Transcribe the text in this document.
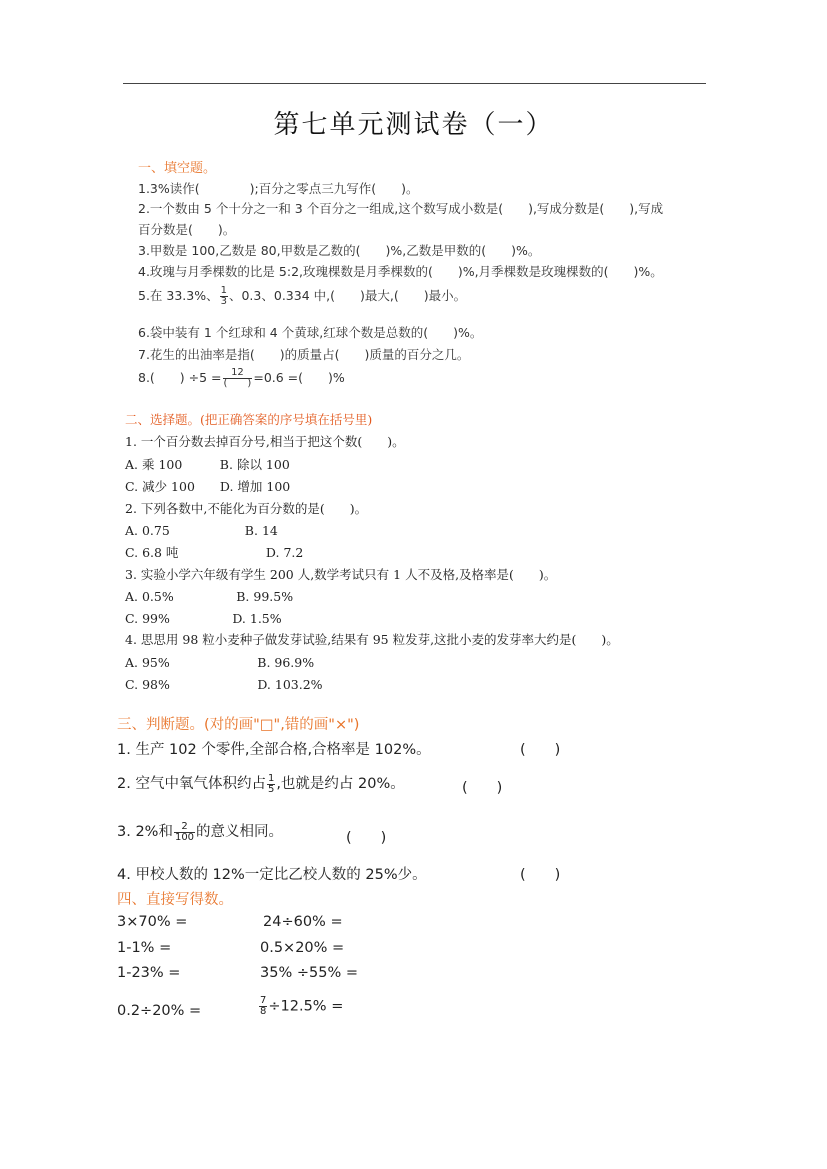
第七单元测试卷（一）
一、填空题。
1.3%读作(　　　　);百分之零点三九写作(　　)。
2.一个数由 5 个十分之一和 3 个百分之一组成,这个数写成小数是(　　),写成分数是(　　),写成
百分数是(　　)。
3.甲数是 100,乙数是 80,甲数是乙数的(　　)%,乙数是甲数的(　　)%。
4.玫瑰与月季棵数的比是 5:2,玫瑰棵数是月季棵数的(　　)%,月季棵数是玫瑰棵数的(　　)%。
5.在 33.3%、 $\frac{1}{3}$ 、0.3、0.334 中,(　　)最大,(　　)最小。
6.袋中装有 1 个红球和 4 个黄球,红球个数是总数的(　　)%。
7.花生的出油率是指(　　)的质量占(　　)质量的百分之几。
8.(　　) $\div 5 = \frac{12}{( )} =0.6$ =(　　)%
二、选择题。(把正确答案的序号填在括号里)
1. 一个百分数去掉百分号,相当于把这个数(　　)。
A. 乘 100　　　B. 除以 100
C. 减少 100　　D. 增加 100
2. 下列各数中,不能化为百分数的是(　　)。
A. 0.75　　　　　　B. 14
C. 6.8 吨　　　　　　　D. 7.2
3. 实验小学六年级有学生 200 人,数学考试只有 1 人不及格,及格率是(　　)。
A. 0.5%　　　　　B. 99.5%
C. 99%　　　　　D. 1.5%
4. 思思用 98 粒小麦种子做发芽试验,结果有 95 粒发芽,这批小麦的发芽率大约是(　　)。
A. 95%　　　　　　　B. 96.9%
C. 98%　　　　　　　D. 103.2%
三、判断题。(对的画"□",错的画"×")
1. 生产 102 个零件,全部合格,合格率是 102%。	(　　)
2. 空气中氧气体积约占 $\frac{1}{5}$ ,也就是约占 20%。	(　　)
3. 2%和 $\frac{2}{100}$ 的意义相同。	(　　)
4. 甲校人数的 12%一定比乙校人数的 25%少。	(　　)
四、直接写得数。
3×70% =	24÷60% =
1-1% =	0.5×20% =
1-23% =	35% ÷55% =
0.2÷20% =	$\frac{7}{8} \div 12.5\%$ =
